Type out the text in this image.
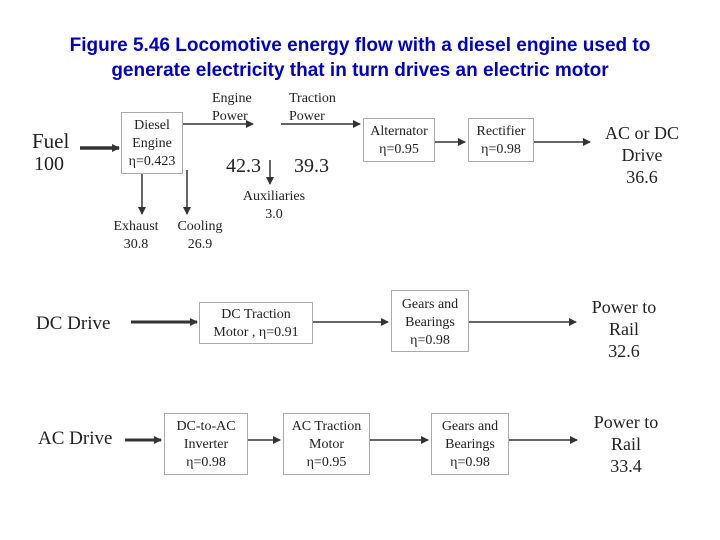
Figure 5.46 Locomotive energy flow with a diesel engine used to
generate electricity that in turn drives an electric motor
Fuel
100
Diesel
Engine
η=0.423
Engine
Power
42.3
Traction
Power
39.3
Auxiliaries
3.0
Exhaust
30.8
Cooling
26.9
Alternator
η=0.95
Rectifier
η=0.98
AC or DC
Drive
36.6
DC Drive	DC Traction
Motor , η=0.91
Gears and
Bearings
η=0.98
Power to
Rail
32.6
AC Drive
DC-to-AC
Inverter
η=0.98
AC Traction
Motor
η=0.95
Gears and
Bearings
η=0.98
Power to
Rail
33.4
